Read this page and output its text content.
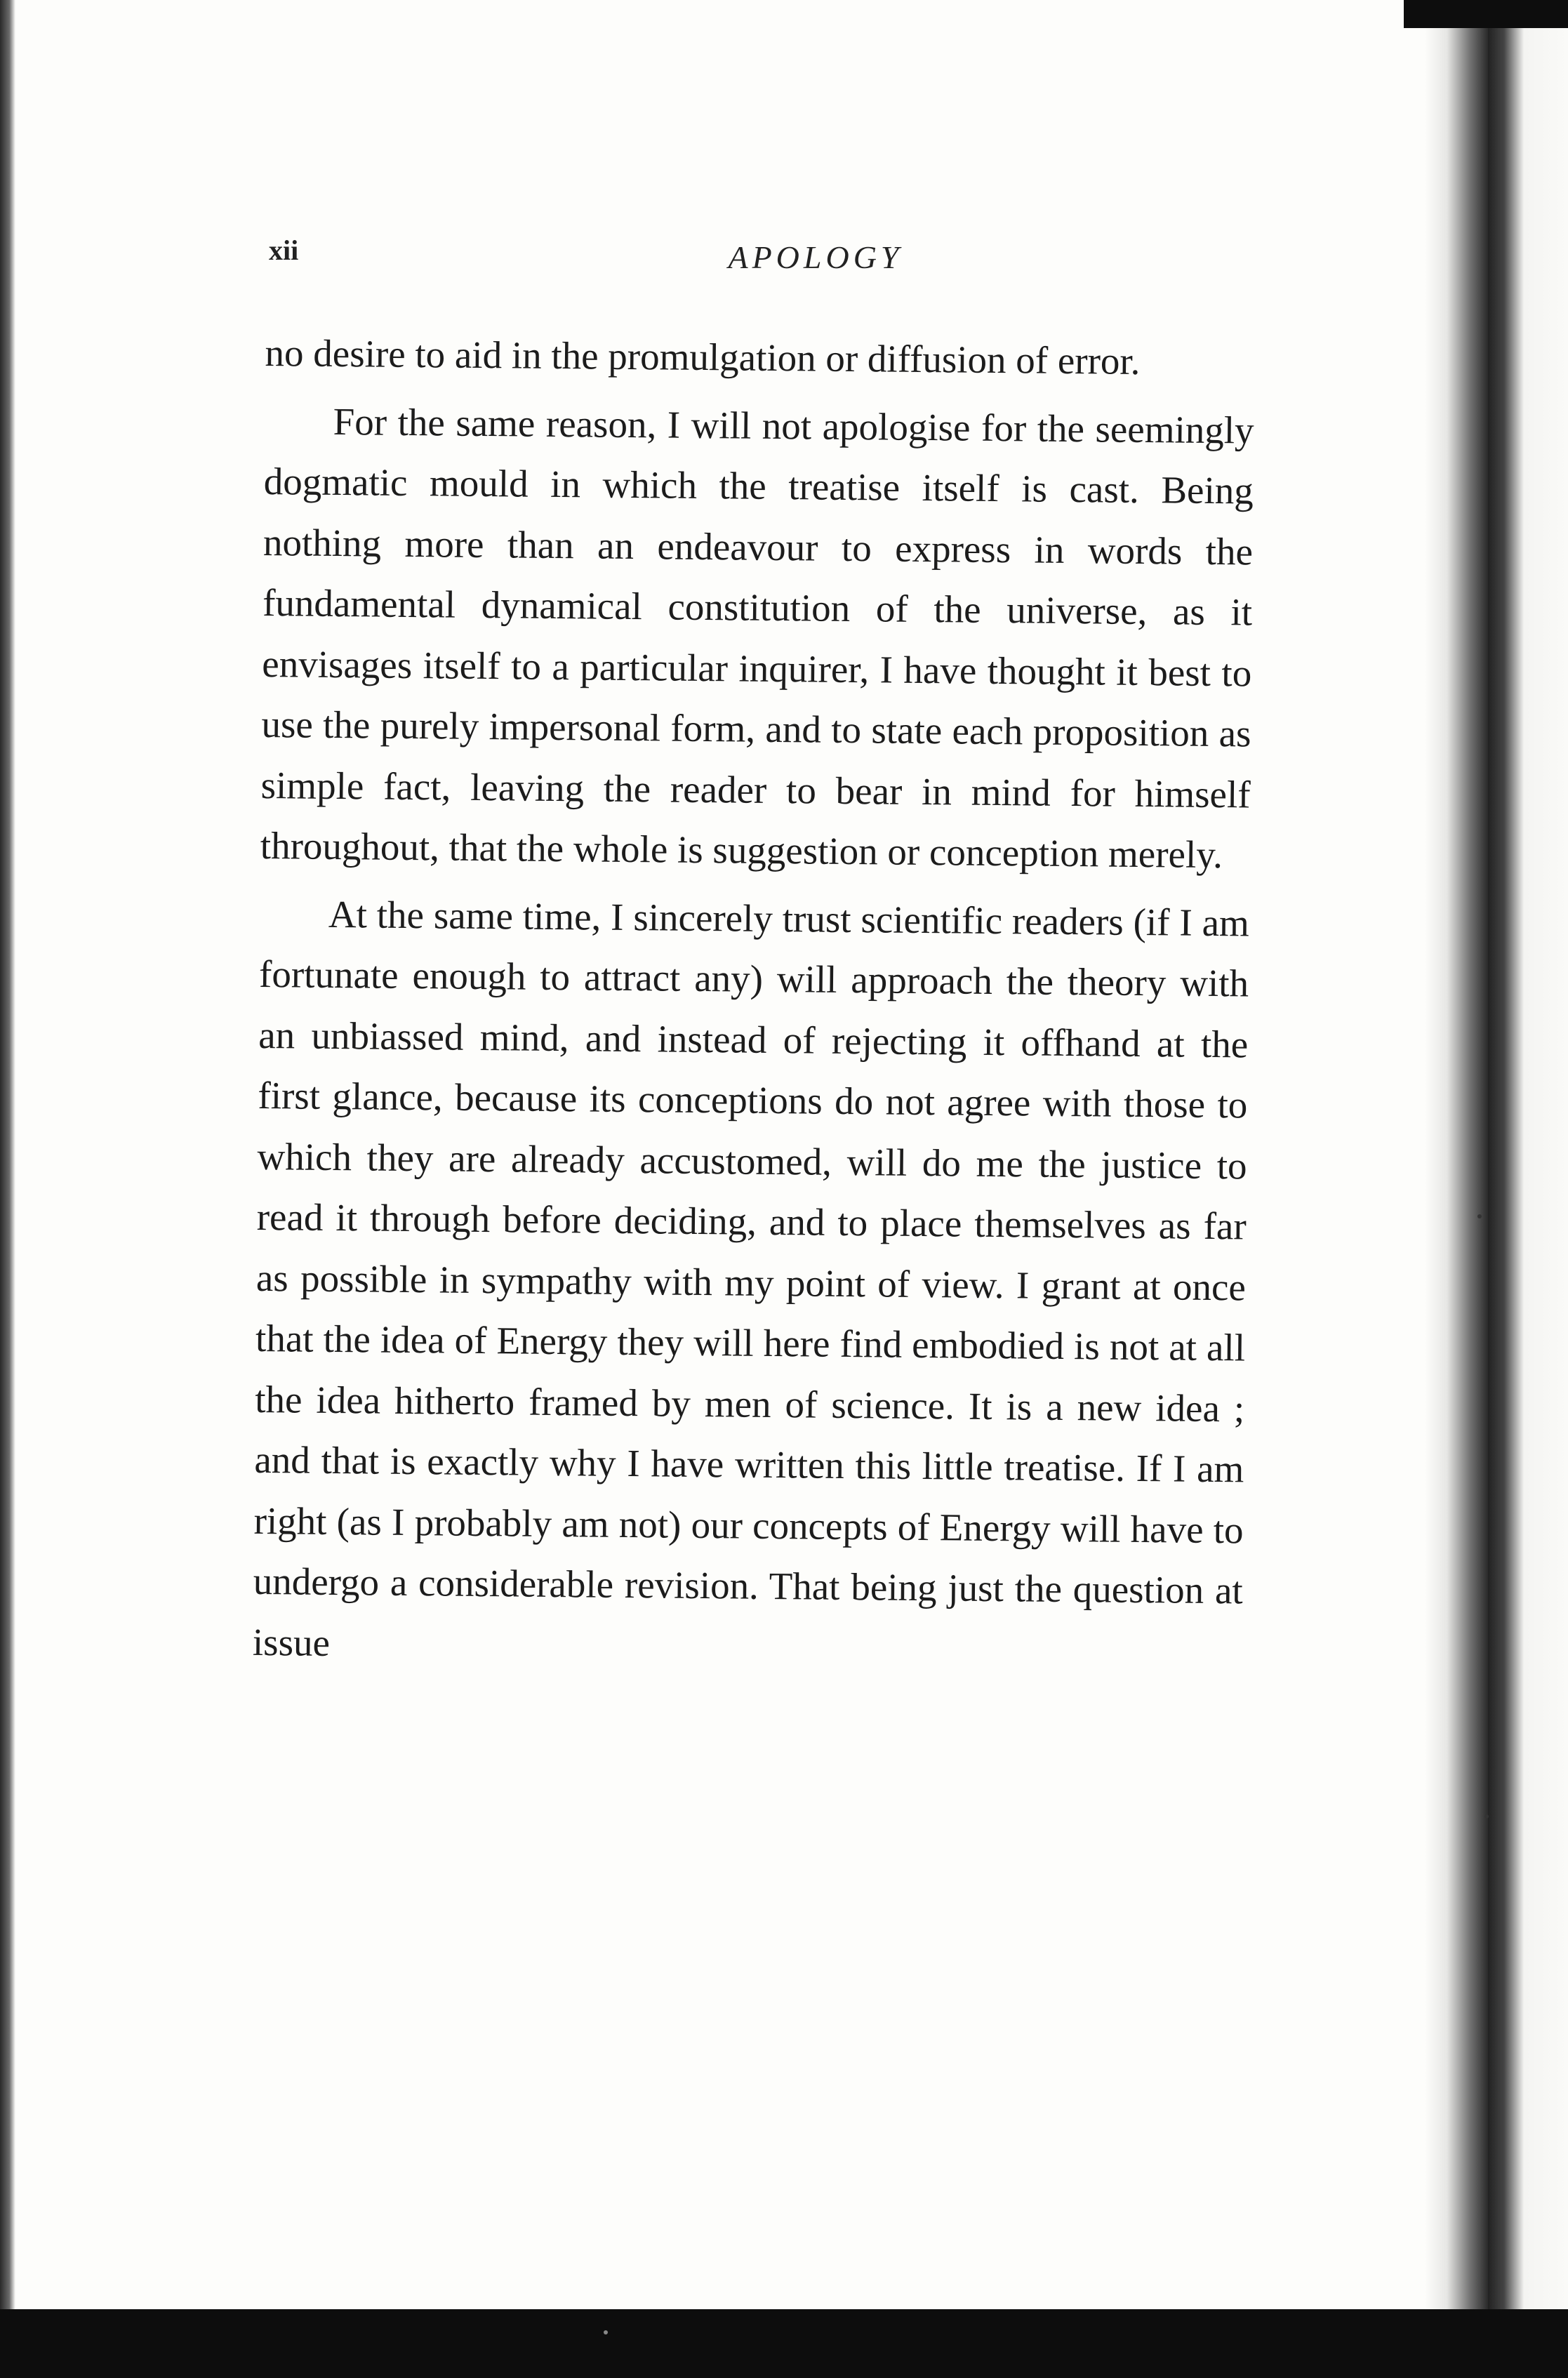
xii	APOLOGY

no desire to aid in the promulgation or diffusion of error.

For the same reason, I will not apologise for the seemingly dogmatic mould in which the treatise itself is cast. Being nothing more than an endeavour to express in words the fundamental dynamical constitution of the universe, as it envisages itself to a particular inquirer, I have thought it best to use the purely impersonal form, and to state each proposition as simple fact, leaving the reader to bear in mind for himself throughout, that the whole is suggestion or conception merely.

At the same time, I sincerely trust scientific readers (if I am fortunate enough to attract any) will approach the theory with an unbiassed mind, and instead of rejecting it offhand at the first glance, because its conceptions do not agree with those to which they are already accustomed, will do me the justice to read it through before deciding, and to place themselves as far as possible in sympathy with my point of view. I grant at once that the idea of Energy they will here find embodied is not at all the idea hitherto framed by men of science. It is a new idea ; and that is exactly why I have written this little treatise. If I am right (as I probably am not) our concepts of Energy will have to undergo a considerable revision. That being just the question at issue
